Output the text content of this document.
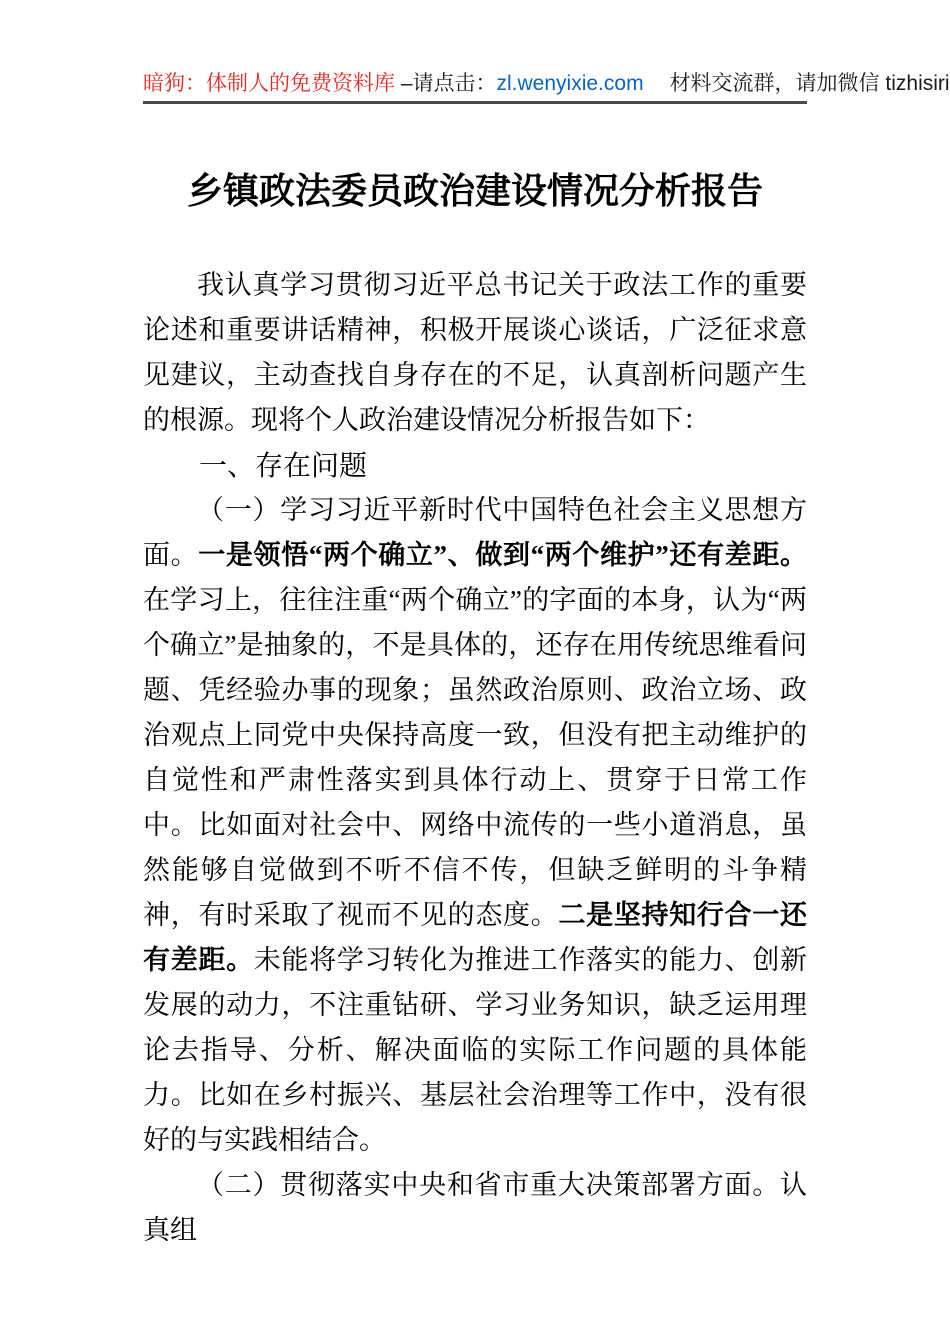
暗狗：体制人的免费资料库 –请点击：zl.wenyixie.com 材料交流群，请加微信 tizhisiri
乡镇政法委员政治建设情况分析报告

我认真学习贯彻习近平总书记关于政法工作的重要论述和重要讲话精神，积极开展谈心谈话，广泛征求意见建议，主动查找自身存在的不足，认真剖析问题产生的根源。现将个人政治建设情况分析报告如下：

一、存在问题

（一）学习习近平新时代中国特色社会主义思想方面。一是领悟“两个确立”、做到“两个维护”还有差距。在学习上，往往注重“两个确立”的字面的本身，认为“两个确立”是抽象的，不是具体的，还存在用传统思维看问题、凭经验办事的现象；虽然政治原则、政治立场、政治观点上同党中央保持高度一致，但没有把主动维护的自觉性和严肃性落实到具体行动上、贯穿于日常工作中。比如面对社会中、网络中流传的一些小道消息，虽然能够自觉做到不听不信不传，但缺乏鲜明的斗争精神，有时采取了视而不见的态度。二是坚持知行合一还有差距。未能将学习转化为推进工作落实的能力、创新发展的动力，不注重钻研、学习业务知识，缺乏运用理论去指导、分析、解决面临的实际工作问题的具体能力。比如在乡村振兴、基层社会治理等工作中，没有很好的与实践相结合。

（二）贯彻落实中央和省市重大决策部署方面。认真组
